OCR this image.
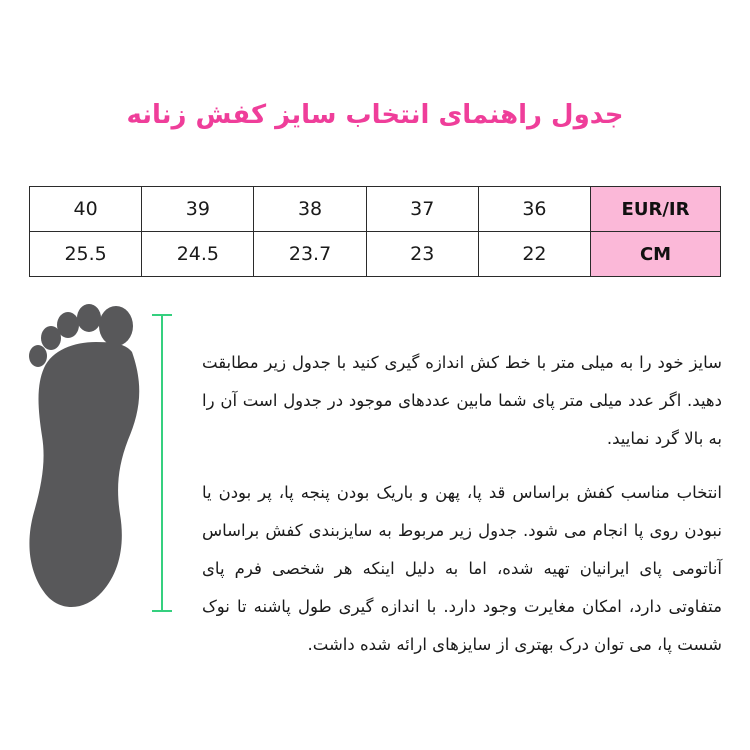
جدول راهنمای انتخاب سایز کفش زنانه
EUR/IR	36	37	38	39	40
CM	22	23	23.7	24.5	25.5

سایز خود را به میلی متر با خط کش اندازه گیری کنید با جدول زیر مطابقت دهید. اگر عدد میلی متر پای شما مابین عددهای موجود در جدول است آن را به بالا گرد نمایید.

انتخاب مناسب کفش براساس قد پا، پهن و باریک بودن پنجه پا، پر بودن یا نبودن روی پا انجام می شود. جدول زیر مربوط به سایزبندی کفش براساس آناتومی پای ایرانیان تهیه شده، اما به دلیل اینکه هر شخصی فرم پای متفاوتی دارد، امکان مغایرت وجود دارد. با اندازه گیری طول پاشنه تا نوک شست پا، می توان درک بهتری از سایزهای ارائه شده داشت.
